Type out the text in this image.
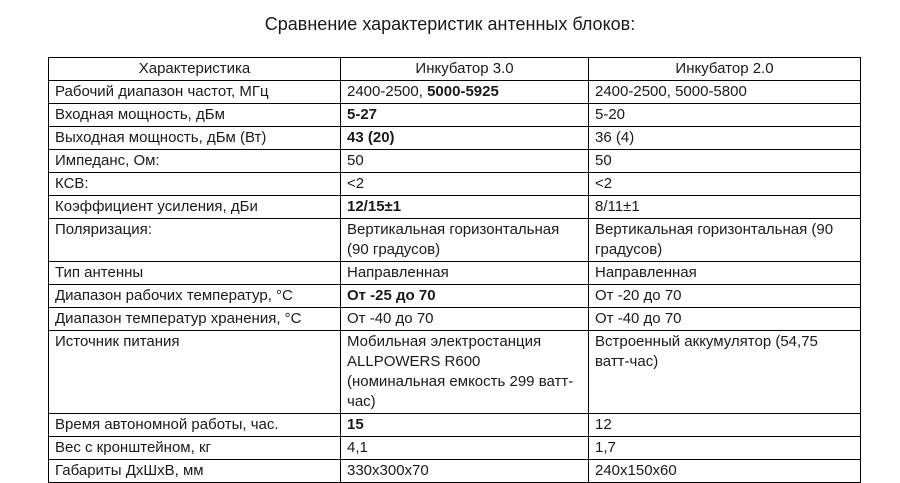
Сравнение характеристик антенных блоков:
Характеристика	Инкубатор 3.0	Инкубатор 2.0
Рабочий диапазон частот, МГц	2400-2500, 5000-5925	2400-2500, 5000-5800
Входная мощность, дБм	5-27	5-20
Выходная мощность, дБм (Вт)	43 (20)	36 (4)
Импеданс, Ом:	50	50
КСВ:	<2	<2
Коэффициент усиления, дБи	12/15±1	8/11±1
Поляризация:	Вертикальная горизонтальная (90 градусов)	Вертикальная горизонтальная (90 градусов)
Тип антенны	Направленная	Направленная
Диапазон рабочих температур, °C	От -25 до 70	От -20 до 70
Диапазон температур хранения, °C	От -40 до 70	От -40 до 70
Источник питания	Мобильная электростанция ALLPOWERS R600 (номинальная емкость 299 ватт-час)	Встроенный аккумулятор (54,75 ватт-час)
Время автономной работы, час.	15	12
Вес с кронштейном, кг	4,1	1,7
Габариты ДхШхВ, мм	330x300x70	240x150x60
